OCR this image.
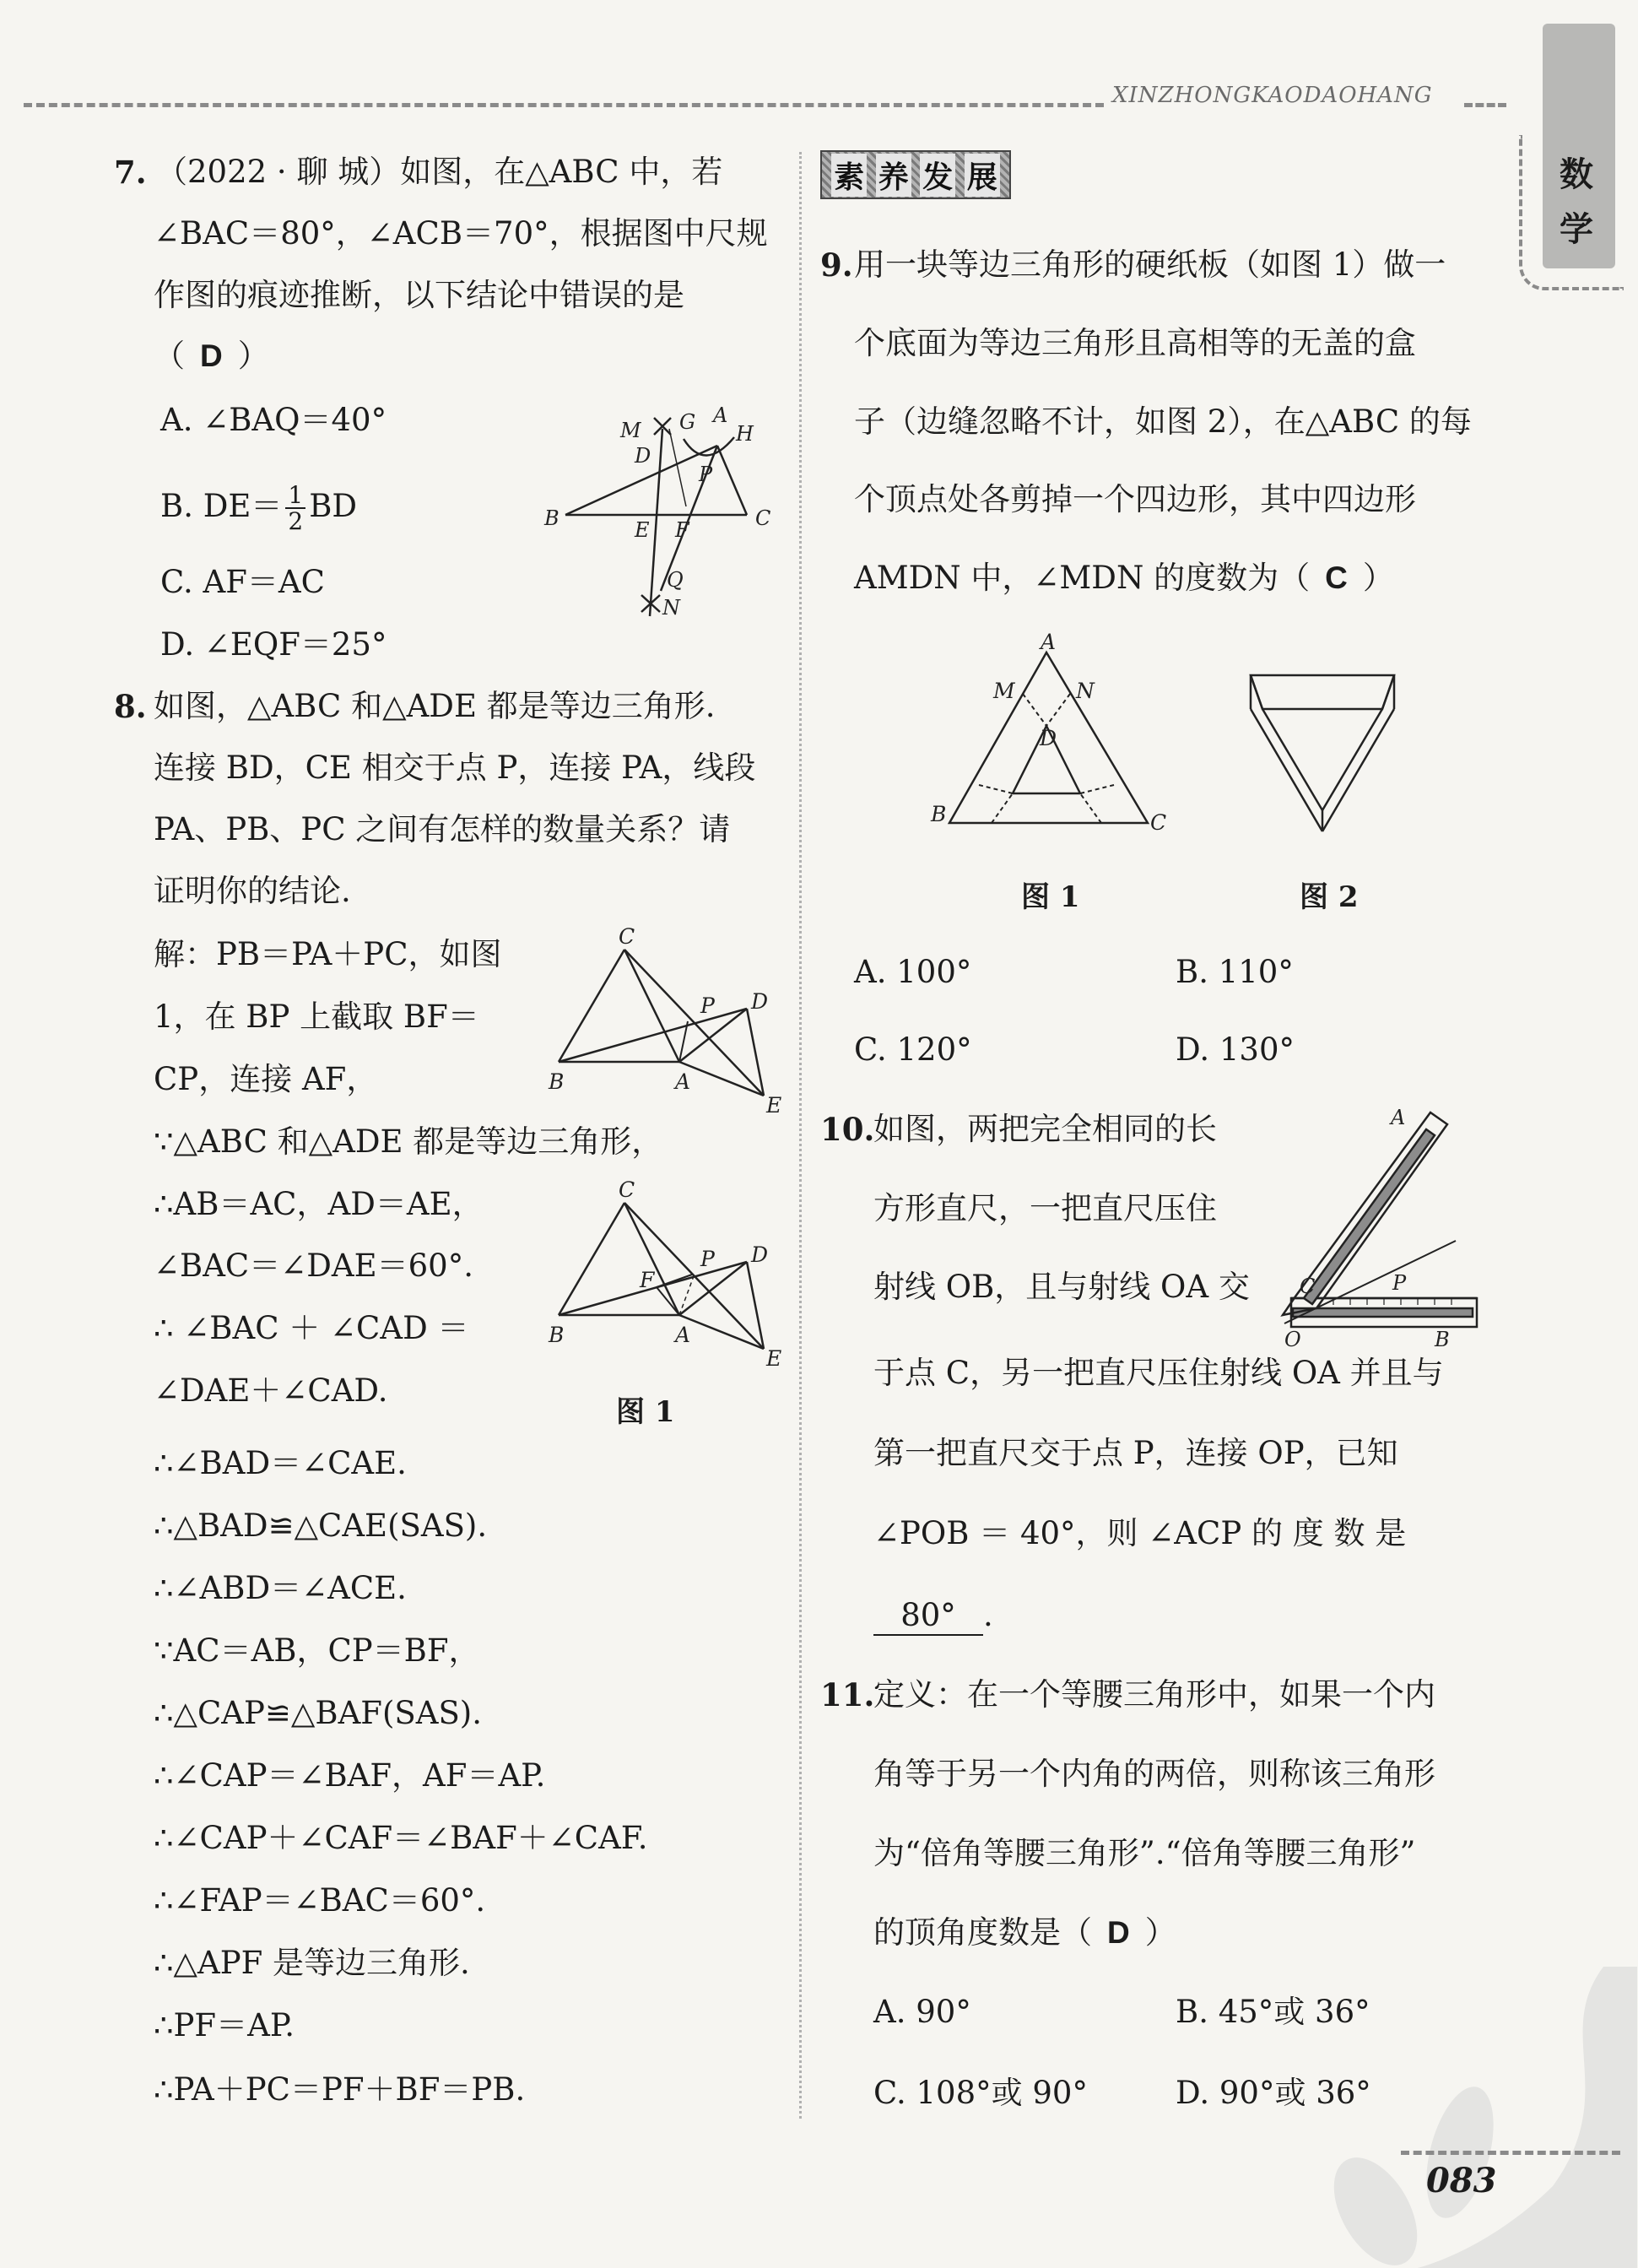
XINZHONGKAODAOHANG
数
学
7. （2022 · 聊 城）如图，在△ABC 中，若
∠BAC＝80°，∠ACB＝70°，根据图中尺规
作图的痕迹推断，以下结论中错误的是
（ D ）
A. ∠BAQ＝40°
B. $DE= \frac{1}{2}$ BD
C. AF＝AC
D. ∠EQF＝25°
M
D
G A
H
P
B	E F	C
Q
N
8. 如图，△ABC 和△ADE 都是等边三角形.
连接 BD，CE 相交于点 P，连接 PA，线段
PA、PB、PC 之间有怎样的数量关系？请
证明你的结论.
解：PB＝PA＋PC，如图
1，在 BP 上截取 BF＝
CP，连接 AF，
∵△ABC 和△ADE 都是等边三角形，
∴AB＝AC，AD＝AE，
∠BAC＝∠DAE＝60°.
∴ ∠BAC ＋ ∠CAD ＝
∠DAE＋∠CAD.
C
P D
B	A
E
C
P D
F
B	A
E
图 1
∴∠BAD＝∠CAE.
∴△BAD≌△CAE(SAS).
∴∠ABD＝∠ACE.
∵AC＝AB，CP＝BF，
∴△CAP≌△BAF(SAS).
∴∠CAP＝∠BAF，AF＝AP.
∴∠CAP＋∠CAF＝∠BAF＋∠CAF.
∴∠FAP＝∠BAC＝60°.
∴△APF 是等边三角形.
∴PF＝AP.
∴PA＋PC＝PF＋BF＝PB.
素 养 发 展
9. 用一块等边三角形的硬纸板（如图 1）做一
个底面为等边三角形且高相等的无盖的盒
子（边缝忽略不计，如图 2），在△ABC 的每
个顶点处各剪掉一个四边形，其中四边形
AMDN 中，∠MDN 的度数为（ C ）
A
M	N
D
B	C
图 1	图 2
A. 100°	B. 110°
C. 120°	D. 130°
10.
如图，两把完全相同的长
方形直尺，一把直尺压住
射线 OB，且与射线 OA 交
于点 C，另一把直尺压住射线 OA 并且与
第一把直尺交于点 P，连接 OP，已知
∠POB ＝ 40°，则 ∠ACP 的 度 数 是
80° .
A
C	P
O	B
11.
定义：在一个等腰三角形中，如果一个内
角等于另一个内角的两倍，则称该三角形
为“倍角等腰三角形”.“倍角等腰三角形”
的顶角度数是（ D ）
A. 90°	B. 45°或 36°
C. 108°或 90°	D. 90°或 36°
083
